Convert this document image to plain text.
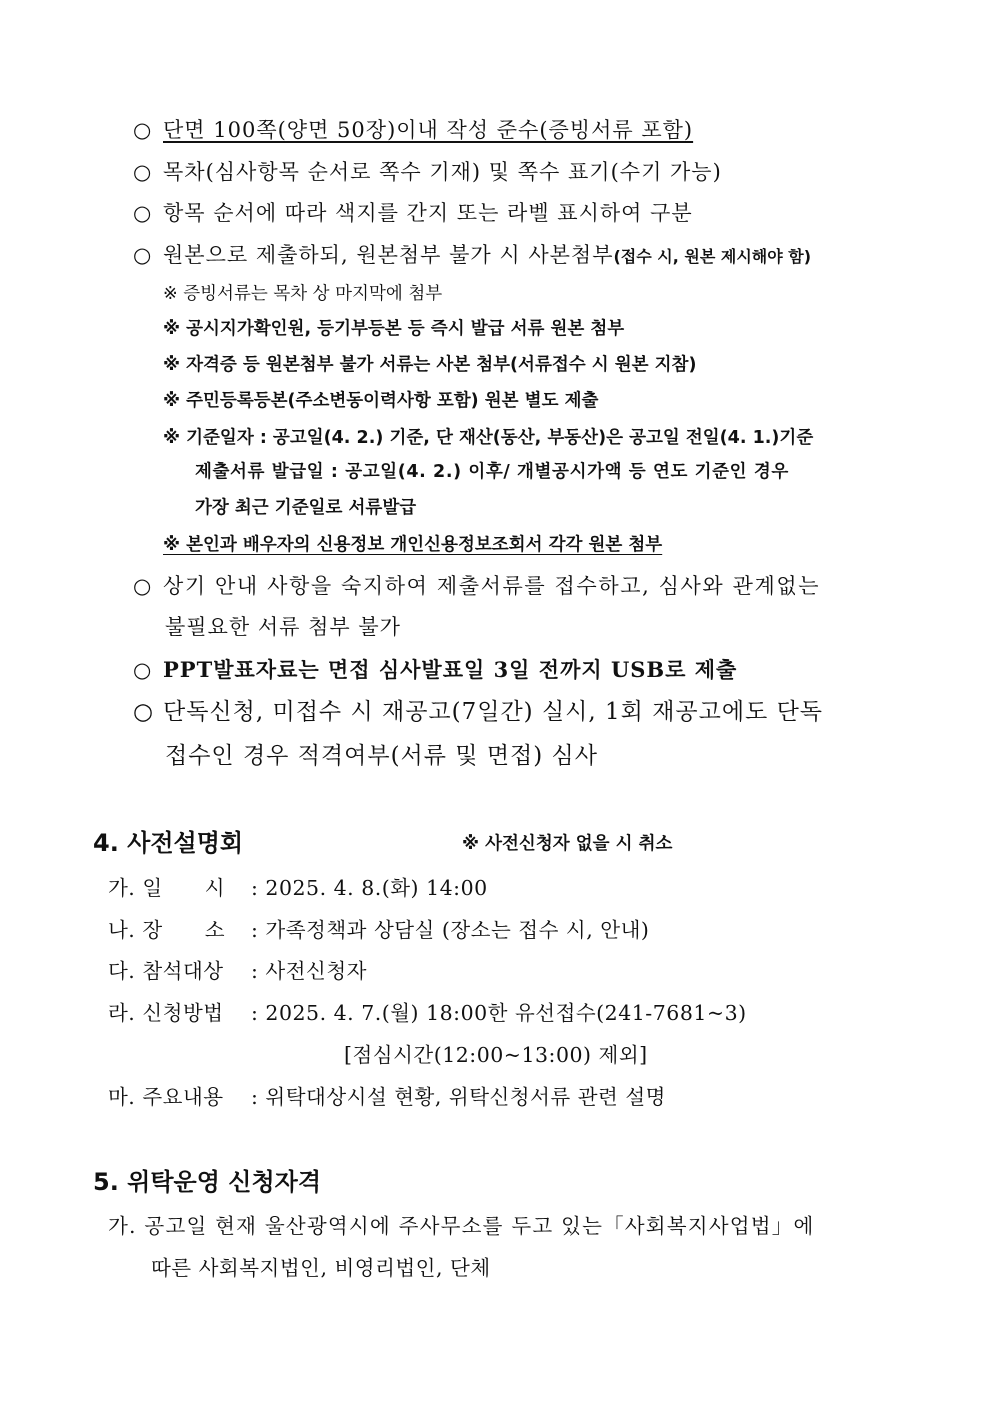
○ 단면 100쪽(양면 50장)이내 작성 준수(증빙서류 포함)
○ 목차(심사항목 순서로 쪽수 기재) 및 쪽수 표기(수기 가능)
○ 항목 순서에 따라 색지를 간지 또는 라벨 표시하여 구분
○ 원본으로 제출하되, 원본첨부 불가 시 사본첨부(접수 시, 원본 제시해야 함)
※ 증빙서류는 목차 상 마지막에 첨부
※ 공시지가확인원, 등기부등본 등 즉시 발급 서류 원본 첨부
※ 자격증 등 원본첨부 불가 서류는 사본 첨부(서류접수 시 원본 지참)
※ 주민등록등본(주소변동이력사항 포함) 원본 별도 제출
※ 기준일자 : 공고일(4. 2.) 기준, 단 재산(동산, 부동산)은 공고일 전일(4. 1.)기준
제출서류 발급일 : 공고일(4. 2.) 이후/ 개별공시가액 등 연도 기준인 경우
가장 최근 기준일로 서류발급
※ 본인과 배우자의 신용정보 개인신용정보조회서 각각 원본 첨부
○ 상기 안내 사항을 숙지하여 제출서류를 접수하고, 심사와 관계없는
불필요한 서류 첨부 불가
○ PPT발표자료는 면접 심사발표일 3일 전까지 USB로 제출
○ 단독신청, 미접수 시 재공고(7일간) 실시, 1회 재공고에도 단독
접수인 경우 적격여부(서류 및 면접) 심사
4. 사전설명회	※ 사전신청자 없을 시 취소
가. 일      시 : 2025. 4. 8.(화) 14:00
나. 장      소 : 가족정책과 상담실 (장소는 접수 시, 안내)
다. 참석대상 : 사전신청자
라. 신청방법 : 2025. 4. 7.(월) 18:00한 유선접수(241-7681~3)
[점심시간(12:00~13:00) 제외]
마. 주요내용 : 위탁대상시설 현황, 위탁신청서류 관련 설명
5. 위탁운영 신청자격
가. 공고일 현재 울산광역시에 주사무소를 두고 있는「사회복지사업법」에
따른 사회복지법인, 비영리법인, 단체
